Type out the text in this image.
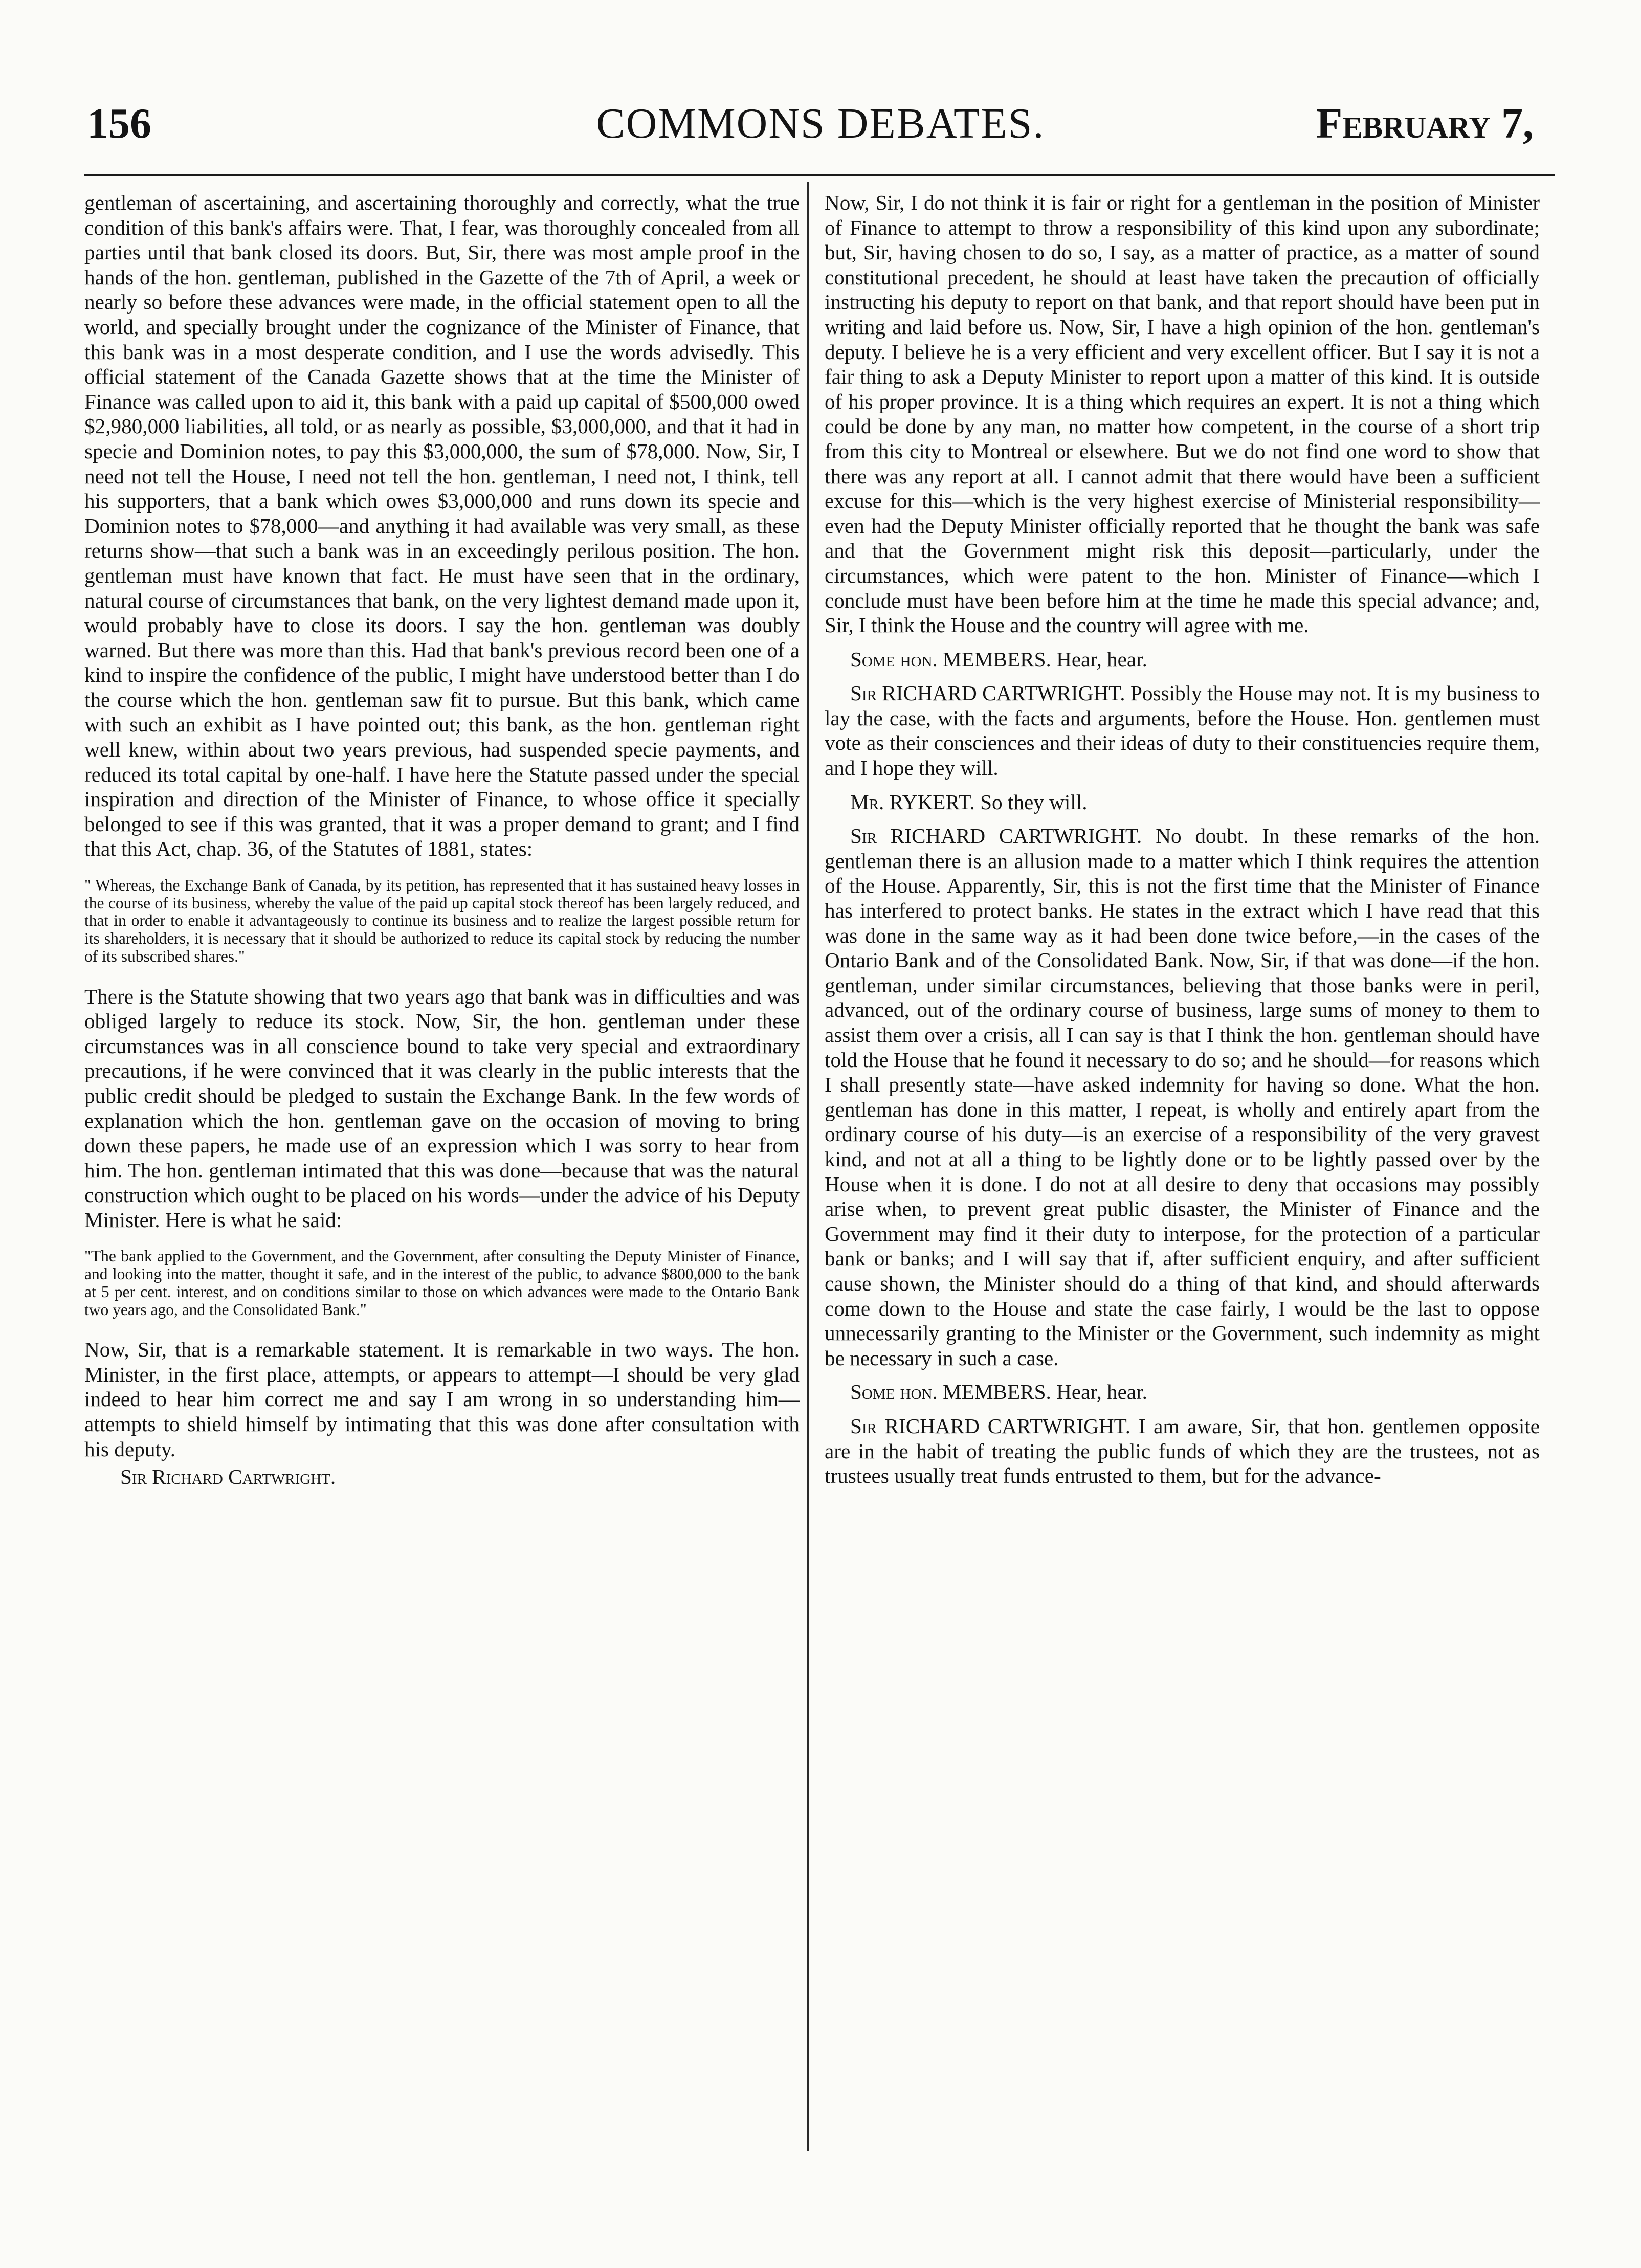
COMMONS DEBATES.
156	February 7,

gentleman of ascertaining, and ascertaining thoroughly and correctly, what the true condition of this bank's affairs were. That, I fear, was thoroughly concealed from all parties until that bank closed its doors. But, Sir, there was most ample proof in the hands of the hon. gentleman, published in the Gazette of the 7th of April, a week or nearly so before these advances were made, in the official statement open to all the world, and specially brought under the cognizance of the Minister of Finance, that this bank was in a most desperate condition, and I use the words advisedly. This official statement of the Canada Gazette shows that at the time the Minister of Finance was called upon to aid it, this bank with a paid up capital of $500,000 owed $2,980,000 liabilities, all told, or as nearly as possible, $3,000,000, and that it had in specie and Dominion notes, to pay this $3,000,000, the sum of $78,000. Now, Sir, I need not tell the House, I need not tell the hon. gentleman, I need not, I think, tell his supporters, that a bank which owes $3,000,000 and runs down its specie and Dominion notes to $78,000—and anything it had available was very small, as these returns show—that such a bank was in an exceedingly perilous position. The hon. gentleman must have known that fact. He must have seen that in the ordinary, natural course of circumstances that bank, on the very lightest demand made upon it, would probably have to close its doors. I say the hon. gentleman was doubly warned. But there was more than this. Had that bank's previous record been one of a kind to inspire the confidence of the public, I might have understood better than I do the course which the hon. gentleman saw fit to pursue. But this bank, which came with such an exhibit as I have pointed out; this bank, as the hon. gentleman right well knew, within about two years previous, had suspended specie payments, and reduced its total capital by one-half. I have here the Statute passed under the special inspiration and direction of the Minister of Finance, to whose office it specially belonged to see if this was granted, that it was a proper demand to grant; and I find that this Act, chap. 36, of the Statutes of 1881, states:

" Whereas, the Exchange Bank of Canada, by its petition, has represented that it has sustained heavy losses in the course of its business, whereby the value of the paid up capital stock thereof has been largely reduced, and that in order to enable it advantageously to continue its business and to realize the largest possible return for its shareholders, it is necessary that it should be authorized to reduce its capital stock by reducing the number of its subscribed shares."

There is the Statute showing that two years ago that bank was in difficulties and was obliged largely to reduce its stock. Now, Sir, the hon. gentleman under these circumstances was in all conscience bound to take very special and extraordinary precautions, if he were convinced that it was clearly in the public interests that the public credit should be pledged to sustain the Exchange Bank. In the few words of explanation which the hon. gentleman gave on the occasion of moving to bring down these papers, he made use of an expression which I was sorry to hear from him. The hon. gentleman intimated that this was done—because that was the natural construction which ought to be placed on his words—under the advice of his Deputy Minister. Here is what he said:

"The bank applied to the Government, and the Government, after consulting the Deputy Minister of Finance, and looking into the matter, thought it safe, and in the interest of the public, to advance $800,000 to the bank at 5 per cent. interest, and on conditions similar to those on which advances were made to the Ontario Bank two years ago, and the Consolidated Bank."

Now, Sir, that is a remarkable statement. It is remarkable in two ways. The hon. Minister, in the first place, attempts, or appears to attempt—I should be very glad indeed to hear him correct me and say I am wrong in so understanding him—attempts to shield himself by intimating that this was done after consultation with his deputy.

Sir Richard Cartwright.

Now, Sir, I do not think it is fair or right for a gentleman in the position of Minister of Finance to attempt to throw a responsibility of this kind upon any subordinate; but, Sir, having chosen to do so, I say, as a matter of practice, as a matter of sound constitutional precedent, he should at least have taken the precaution of officially instructing his deputy to report on that bank, and that report should have been put in writing and laid before us. Now, Sir, I have a high opinion of the hon. gentleman's deputy. I believe he is a very efficient and very excellent officer. But I say it is not a fair thing to ask a Deputy Minister to report upon a matter of this kind. It is outside of his proper province. It is a thing which requires an expert. It is not a thing which could be done by any man, no matter how competent, in the course of a short trip from this city to Montreal or elsewhere. But we do not find one word to show that there was any report at all. I cannot admit that there would have been a sufficient excuse for this—which is the very highest exercise of Ministerial responsibility—even had the Deputy Minister officially reported that he thought the bank was safe and that the Government might risk this deposit—particularly, under the circumstances, which were patent to the hon. Minister of Finance—which I conclude must have been before him at the time he made this special advance; and, Sir, I think the House and the country will agree with me.

Some hon. MEMBERS. Hear, hear.

Sir RICHARD CARTWRIGHT. Possibly the House may not. It is my business to lay the case, with the facts and arguments, before the House. Hon. gentlemen must vote as their consciences and their ideas of duty to their constituencies require them, and I hope they will.

Mr. RYKERT. So they will.

Sir RICHARD CARTWRIGHT. No doubt. In these remarks of the hon. gentleman there is an allusion made to a matter which I think requires the attention of the House. Apparently, Sir, this is not the first time that the Minister of Finance has interfered to protect banks. He states in the extract which I have read that this was done in the same way as it had been done twice before,—in the cases of the Ontario Bank and of the Consolidated Bank. Now, Sir, if that was done—if the hon. gentleman, under similar circumstances, believing that those banks were in peril, advanced, out of the ordinary course of business, large sums of money to them to assist them over a crisis, all I can say is that I think the hon. gentleman should have told the House that he found it necessary to do so; and he should—for reasons which I shall presently state—have asked indemnity for having so done. What the hon. gentleman has done in this matter, I repeat, is wholly and entirely apart from the ordinary course of his duty—is an exercise of a responsibility of the very gravest kind, and not at all a thing to be lightly done or to be lightly passed over by the House when it is done. I do not at all desire to deny that occasions may possibly arise when, to prevent great public disaster, the Minister of Finance and the Government may find it their duty to interpose, for the protection of a particular bank or banks; and I will say that if, after sufficient enquiry, and after sufficient cause shown, the Minister should do a thing of that kind, and should afterwards come down to the House and state the case fairly, I would be the last to oppose unnecessarily granting to the Minister or the Government, such indemnity as might be necessary in such a case.

Some hon. MEMBERS. Hear, hear.

Sir RICHARD CARTWRIGHT. I am aware, Sir, that hon. gentlemen opposite are in the habit of treating the public funds of which they are the trustees, not as trustees usually treat funds entrusted to them, but for the advance-
